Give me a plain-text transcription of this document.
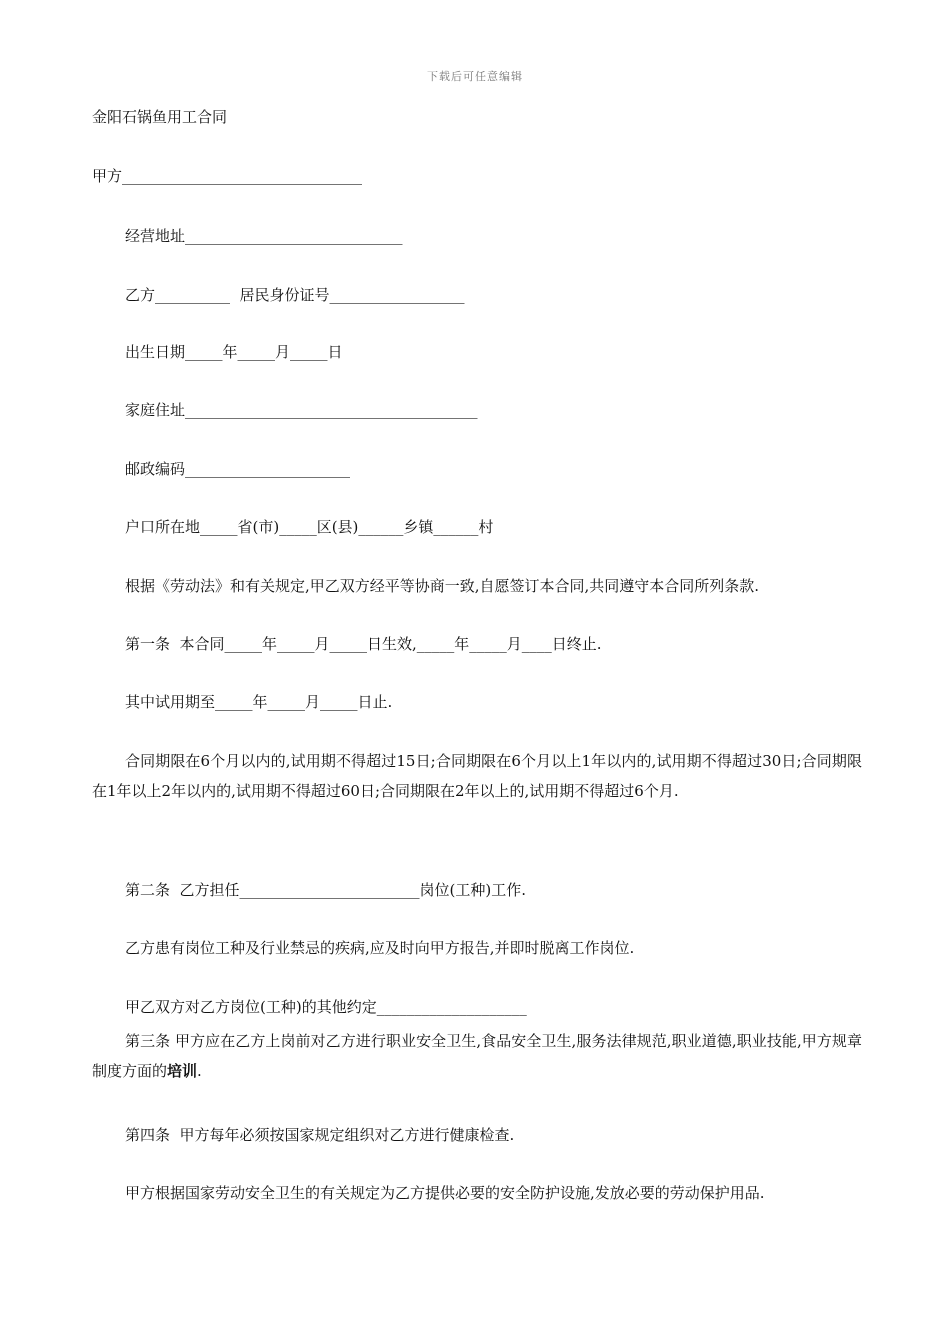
下载后可任意编辑
金阳石锅鱼用工合同
甲方________________________________
经营地址_____________________________
乙方__________  居民身份证号__________________
出生日期_____年_____月_____日
家庭住址_______________________________________
邮政编码______________________
户口所在地_____省(市)_____区(县)______乡镇______村
根据《劳动法》和有关规定,甲乙双方经平等协商一致,自愿签订本合同,共同遵守本合同所列条款.
第一条  本合同_____年_____月_____日生效,_____年_____月____日终止.
其中试用期至_____年_____月_____日止.
合同期限在6个月以内的,试用期不得超过15日;合同期限在6个月以上1年以内的,试用期不得超过30日;合同期限在1年以上2年以内的,试用期不得超过60日;合同期限在2年以上的,试用期不得超过6个月.
第二条  乙方担任________________________岗位(工种)工作.
乙方患有岗位工种及行业禁忌的疾病,应及时向甲方报告,并即时脱离工作岗位.
甲乙双方对乙方岗位(工种)的其他约定____________________
第三条 甲方应在乙方上岗前对乙方进行职业安全卫生,食品安全卫生,服务法律规范,职业道德,职业技能,甲方规章制度方面的培训.
第四条  甲方每年必须按国家规定组织对乙方进行健康检查.
甲方根据国家劳动安全卫生的有关规定为乙方提供必要的安全防护设施,发放必要的劳动保护用品.
